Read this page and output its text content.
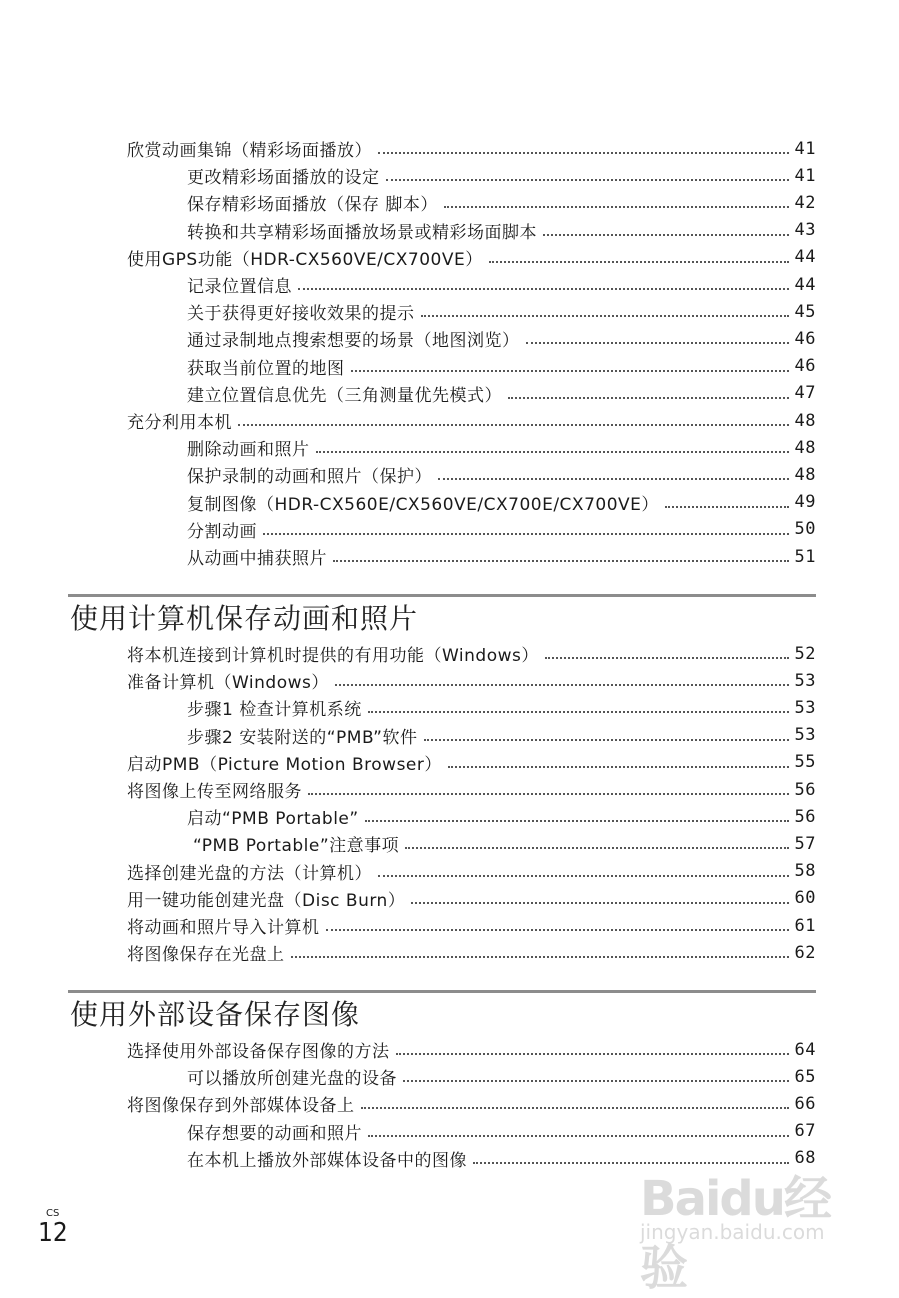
欣赏动画集锦（精彩场面播放）	41
更改精彩场面播放的设定	41
保存精彩场面播放（保存 脚本）	42
转换和共享精彩场面播放场景或精彩场面脚本	43
使用GPS功能（HDR-CX560VE/CX700VE）	44
记录位置信息	44
关于获得更好接收效果的提示	45
通过录制地点搜索想要的场景（地图浏览）	46
获取当前位置的地图	46
建立位置信息优先（三角测量优先模式）	47
充分利用本机	48
删除动画和照片	48
保护录制的动画和照片（保护）	48
复制图像（HDR-CX560E/CX560VE/CX700E/CX700VE）	49
分割动画	50
从动画中捕获照片	51
使用计算机保存动画和照片
将本机连接到计算机时提供的有用功能（Windows）	52
准备计算机（Windows）	53
步骤1 检查计算机系统	53
步骤2 安装附送的“PMB”软件	53
启动PMB（Picture Motion Browser）	55
将图像上传至网络服务	56
启动“PMB Portable”	56
“PMB Portable”注意事项	57
选择创建光盘的方法（计算机）	58
用一键功能创建光盘（Disc Burn）	60
将动画和照片导入计算机	61
将图像保存在光盘上	62
使用外部设备保存图像
选择使用外部设备保存图像的方法	64
可以播放所创建光盘的设备	65
将图像保存到外部媒体设备上	66
保存想要的动画和照片	67
在本机上播放外部媒体设备中的图像	68
CS
12
Baidu经验
jingyan.baidu.com
